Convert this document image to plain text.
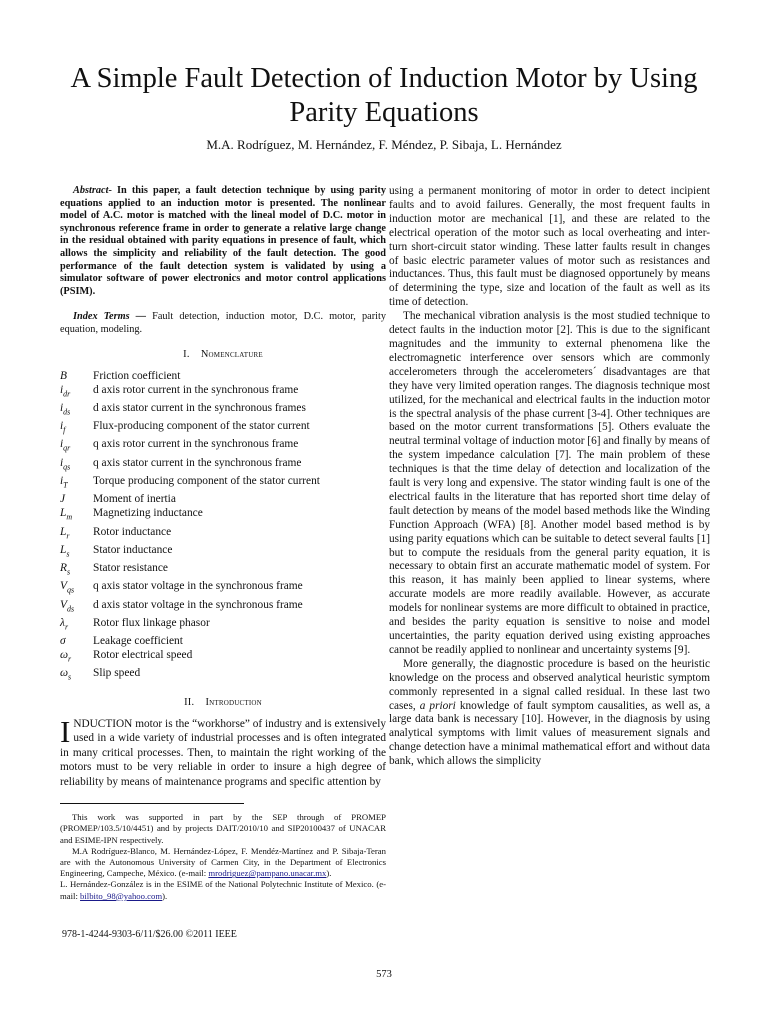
A Simple Fault Detection of Induction Motor by Using Parity Equations
M.A. Rodríguez, M. Hernández, F. Méndez, P. Sibaja, L. Hernández

Abstract- In this paper, a fault detection technique by using parity equations applied to an induction motor is presented. The nonlinear model of A.C. motor is matched with the lineal model of D.C. motor in synchronous reference frame in order to generate a relative large change in the residual obtained with parity equations in presence of fault, which allows the simplicity and reliability of the fault detection. The good performance of the fault detection system is validated by using a simulator software of power electronics and motor control applications (PSIM).

Index Terms — Fault detection, induction motor, D.C. motor, parity equation, modeling.

I. Nomenclature
B	Friction coefficient
$i_{dr}$	d axis rotor current in the synchronous frame
$i_{ds}$	d axis stator current in the synchronous frames
$i_f$	Flux-producing component of the stator current
$i_{qr}$	q axis rotor current in the synchronous frame
$i_{qs}$	q axis stator current in the synchronous frame
$i_T$	Torque producing component of the stator current
J	Moment of inertia
$L_m$	Magnetizing inductance
$L_r$	Rotor inductance
$L_s$	Stator inductance
$R_s$	Stator resistance
$V_{qs}$	q axis stator voltage in the synchronous frame
$V_{ds}$	d axis stator voltage in the synchronous frame
$\lambda_r$	Rotor flux linkage phasor
σ	Leakage coefficient
$\omega_r$	Rotor electrical speed
$\omega_s$	Slip speed
II. Introduction

INDUCTION motor is the “workhorse” of industry and is extensively used in a wide variety of industrial processes and is often integrated in many critical processes. Then, to maintain the right working of the motors must to be very reliable in order to insure a high degree of reliability by means of maintenance programs and specific attention by

This work was supported in part by the SEP through of PROMEP (PROMEP/103.5/10/4451) and by projects DAIT/2010/10 and SIP20100437 of UNACAR and ESIME-IPN respectively.

M.A Rodríguez-Blanco, M. Hernández-López, F. Mendéz-Martínez and P. Sibaja-Teran are with the Autonomous University of Carmen City, in the Department of Electronics Engineering, Campeche, México. (e-mail: mrodriguez@pampano.unacar.mx).

L. Hernández-González is in the ESIME of the National Polytechnic Institute of Mexico. (e-mail: bilbito_98@yahoo.com).

using a permanent monitoring of motor in order to detect incipient faults and to avoid failures. Generally, the most frequent faults in induction motor are mechanical [1], and these are related to the electrical operation of the motor such as local overheating and inter-turn short-circuit stator winding. These latter faults result in changes of basic electric parameter values of motor such as resistances and inductances. Thus, this fault must be diagnosed opportunely by means of determining the type, size and location of the fault as well as its time of detection.

The mechanical vibration analysis is the most studied technique to detect faults in the induction motor [2]. This is due to the significant magnitudes and the immunity to external phenomena like the electromagnetic interference over sensors which are commonly accelerometers through the accelerometers´ disadvantages are that they have very limited operation ranges. The diagnosis technique most utilized, for the mechanical and electrical faults in the induction motor is the spectral analysis of the phase current [3-4]. Other techniques are based on the motor current transformations [5]. Others evaluate the neutral terminal voltage of induction motor [6] and finally by means of the system impedance calculation [7]. The main problem of these techniques is that the time delay of detection and localization of the fault is very long and expensive. The stator winding fault is one of the electrical faults in the literature that has reported short time delay of fault detection by means of the model based methods like the Winding Function Approach (WFA) [8]. Another model based method is by using parity equations which can be suitable to detect several faults [1] but to compute the residuals from the general parity equation, it is necessary to obtain first an accurate mathematic model of system. For this reason, it has mainly been applied to linear systems, where accurate models are more readily available. However, as accurate models for nonlinear systems are more difficult to obtained in practice, and besides the parity equation is sensitive to noise and model uncertainties, the parity equation derived using existing approaches cannot be readily applied to nonlinear and uncertainty systems [9].

More generally, the diagnostic procedure is based on the heuristic knowledge on the process and observed analytical heuristic symptom commonly represented in a signal called residual. In these last two cases, a priori knowledge of fault symptom causalities, as well as, a large data bank is necessary [10]. However, in the diagnosis by using analytical symptoms with limit values of measurement signals and change detection have a minimal mathematical effort and without data bank, which allows the simplicity

978-1-4244-9303-6/11/$26.00 ©2011 IEEE
573
